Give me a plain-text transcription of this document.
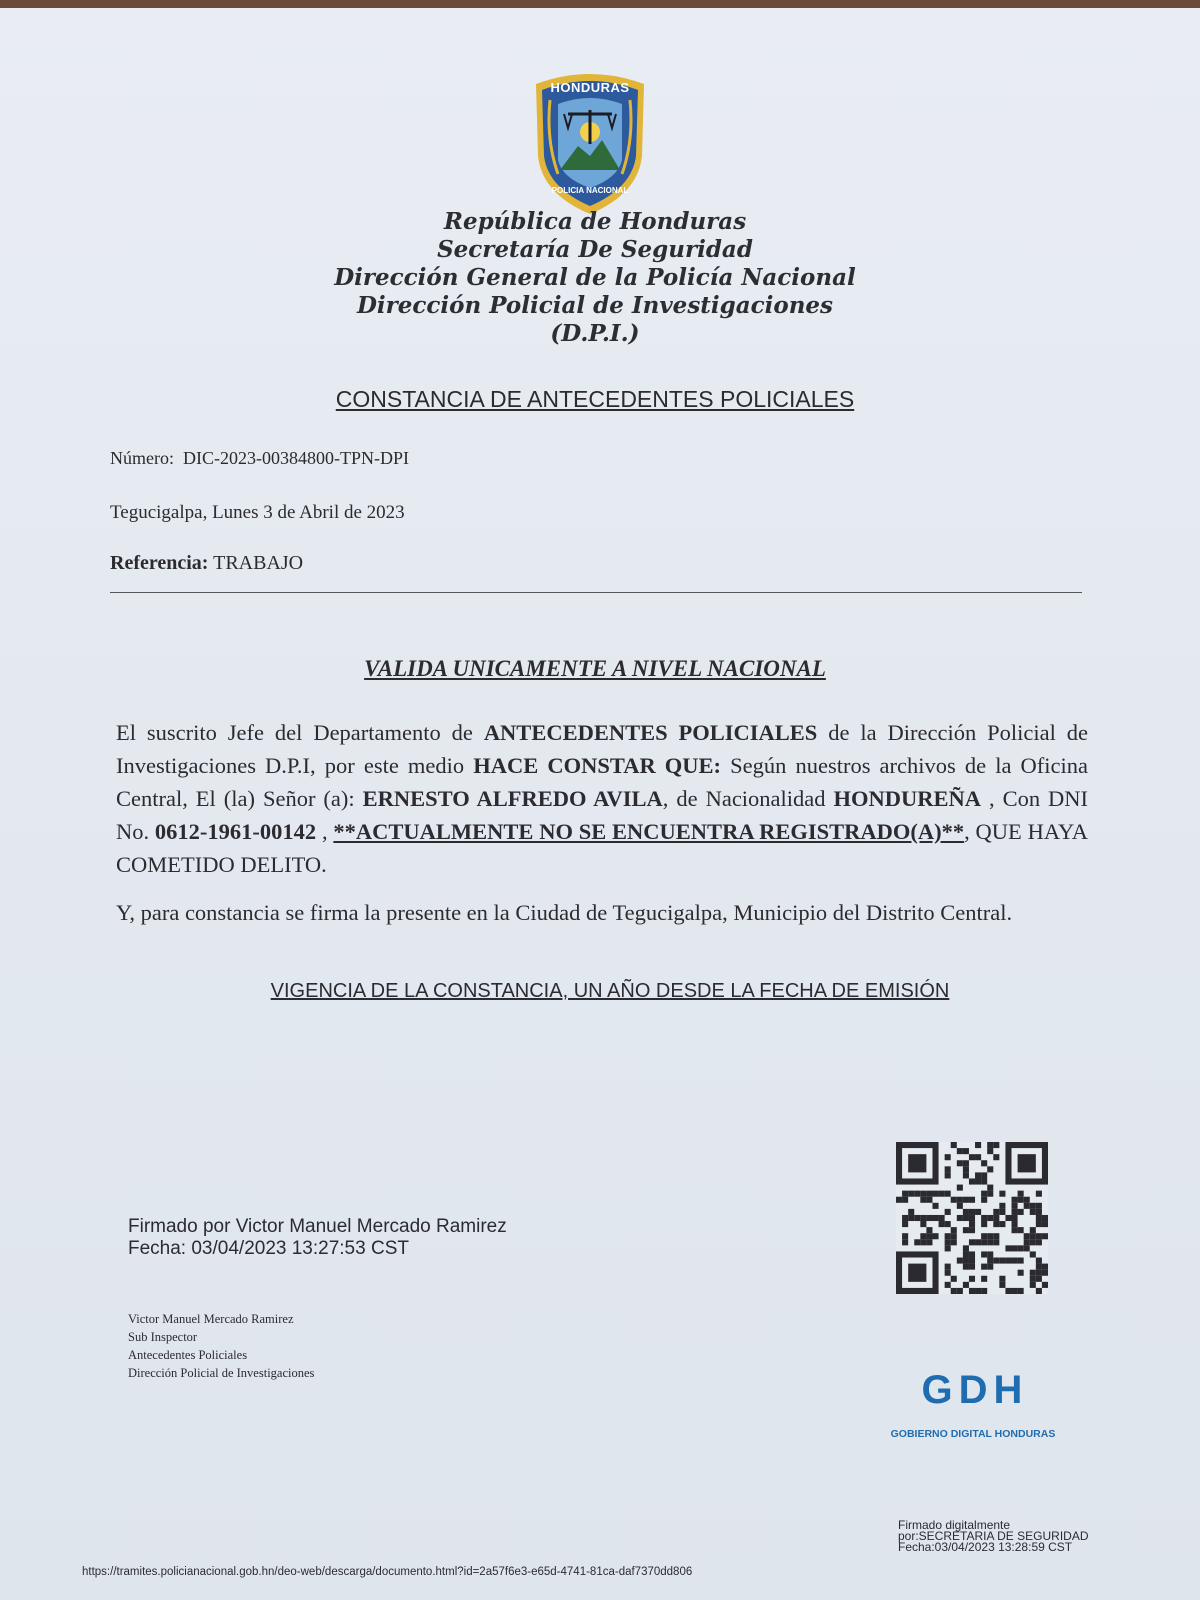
HONDURAS
POLICIA NACIONAL
República de Honduras
Secretaría De Seguridad
Dirección General de la Policía Nacional
Dirección Policial de Investigaciones
(D.P.I.)
CONSTANCIA DE ANTECEDENTES POLICIALES
Número: DIC-2023-00384800-TPN-DPI
Tegucigalpa, Lunes 3 de Abril de 2023
Referencia: TRABAJO
VALIDA UNICAMENTE A NIVEL NACIONAL
El suscrito Jefe del Departamento de ANTECEDENTES POLICIALES de la Dirección Policial de Investigaciones D.P.I, por este medio HACE CONSTAR QUE: Según nuestros archivos de la Oficina Central, El (la) Señor (a): ERNESTO ALFREDO AVILA, de Nacionalidad HONDUREÑA , Con DNI No. 0612-1961-00142 , **ACTUALMENTE NO SE ENCUENTRA REGISTRADO(A)**, QUE HAYA COMETIDO DELITO.
Y, para constancia se firma la presente en la Ciudad de Tegucigalpa, Municipio del Distrito Central.
VIGENCIA DE LA CONSTANCIA, UN AÑO DESDE LA FECHA DE EMISIÓN
Firmado por Victor Manuel Mercado Ramirez
Fecha: 03/04/2023 13:27:53 CST
Victor Manuel Mercado Ramirez
Sub Inspector
Antecedentes Policiales
Dirección Policial de Investigaciones	GDH
GOBIERNO DIGITAL HONDURAS
Firmado digitalmente
por:SECRETARIA DE SEGURIDAD
Fecha:03/04/2023 13:28:59 CST
https://tramites.policianacional.gob.hn/deo-web/descarga/documento.html?id=2a57f6e3-e65d-4741-81ca-daf7370dd806
